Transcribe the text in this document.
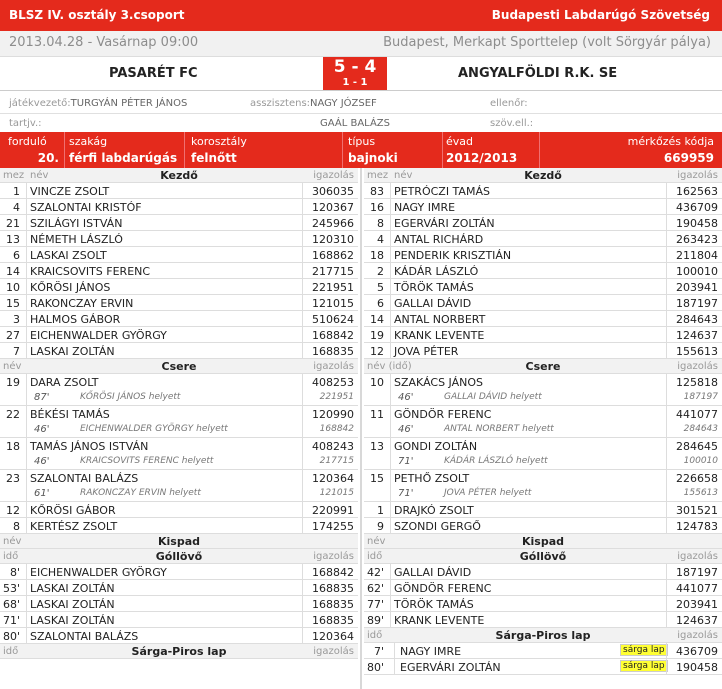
BLSZ IV. osztály 3.csoport	Budapesti Labdarúgó Szövetség
2013.04.28 - Vasárnap 09:00	Budapest, Merkapt Sporttelep (volt Sörgyár pálya)
PASARÉT FC	ANGYALFÖLDI R.K. SE
5 - 4
1 - 1
játékvezető:TURGYÁN PÉTER JÁNOS	asszisztens:NAGY JÓZSEF	ellenőr:
tartjv.:	GAÁL BALÁZS	szöv.ell.:
forduló
20.
szakág
férfi labdarúgás
korosztály
felnőtt
típus
bajnoki
évad
2012/2013
mérkőzés kódja
669959
mez	Kezdő	igazolás
név
1 VINCZE ZSOLT	306035
4 SZALONTAI KRISTÓF	120367
21 SZILÁGYI ISTVÁN	245966
13 NÉMETH LÁSZLÓ	120310
6 LASKAI ZSOLT	168862
14 KRAICSOVITS FERENC	217715
10 KŐRÖSI JÁNOS	221951
15 RAKONCZAY ERVIN	121015
3 HALMOS GÁBOR	510624
27 EICHENWALDER GYÖRGY	168842
7 LASKAI ZOLTÁN	168835
név	Csere	igazolás
19 DARA ZSOLT	408253
87'	KŐRÖSI JÁNOS helyett	221951
22 BÉKÉSI TAMÁS	120990
46'	EICHENWALDER GYÖRGY helyett	168842
18 TAMÁS JÁNOS ISTVÁN	408243
46'	KRAICSOVITS FERENC helyett	217715
23 SZALONTAI BALÁZS	120364
61'	RAKONCZAY ERVIN helyett	121015
12 KŐRÖSI GÁBOR	220991
8 KERTÉSZ ZSOLT	174255
név	Kispad
idő	Góllövő	igazolás
8' EICHENWALDER GYÖRGY	168842
53' LASKAI ZOLTÁN	168835
68' LASKAI ZOLTÁN	168835
71' LASKAI ZOLTÁN	168835
80' SZALONTAI BALÁZS	120364
idő	Sárga-Piros lap	igazolás
mez	Kezdő	igazolás
név
83 PETRÓCZI TAMÁS	162563
16 NAGY IMRE	436709
8 EGERVÁRI ZOLTÁN	190458
4 ANTAL RICHÁRD	263423
18 PENDERIK KRISZTIÁN	211804
2 KÁDÁR LÁSZLÓ	100010
5 TÖRÖK TAMÁS	203941
6 GALLAI DÁVID	187197
14 ANTAL NORBERT	284643
19 KRANK LEVENTE	124637
12 JOVA PÉTER	155613
név (idő)	Csere	igazolás
10 SZAKÁCS JÁNOS	125818
46'	GALLAI DÁVID helyett	187197
11 GÖNDÖR FERENC	441077
46'	ANTAL NORBERT helyett	284643
13 GONDI ZOLTÁN	284645
71'	KÁDÁR LÁSZLÓ helyett	100010
15 PETHŐ ZSOLT	226658
71'	JOVA PÉTER helyett	155613
1 DRAJKÓ ZSOLT	301521
9 SZONDI GERGŐ	124783
név	Kispad
idő	Góllövő	igazolás
42' GALLAI DÁVID	187197
62' GÖNDÖR FERENC	441077
77' TÖRÖK TAMÁS	203941
89' KRANK LEVENTE	124637
idő	Sárga-Piros lap	igazolás
7' NAGY IMRE	sárga lap 436709
80' EGERVÁRI ZOLTÁN	sárga lap 190458
